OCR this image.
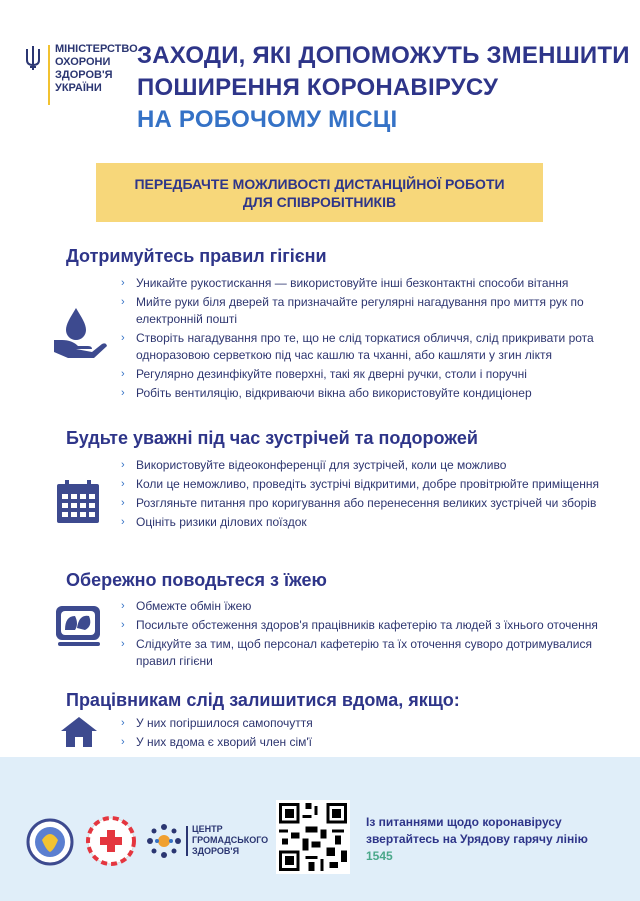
МІНІСТЕРСТВО
ОХОРОНИ
ЗДОРОВ'Я
УКРАЇНИ
ЗАХОДИ, ЯКІ ДОПОМОЖУТЬ ЗМЕНШИТИ
ПОШИРЕННЯ КОРОНАВІРУСУ
НА РОБОЧОМУ МІСЦІ
ПЕРЕДБАЧТЕ МОЖЛИВОСТІ ДИСТАНЦІЙНОЇ РОБОТИ
ДЛЯ СПІВРОБІТНИКІВ
Дотримуйтесь правил гігієни
› Уникайте рукостискання — використовуйте інші безконтактні способи вітання
› Мийте руки біля дверей та призначайте регулярні нагадування про миття рук по електронній пошті
› Створіть нагадування про те, що не слід торкатися обличчя, слід прикривати рота одноразовою серветкою під час кашлю та чханні, або кашляти у згин ліктя
› Регулярно дезинфікуйте поверхні, такі як дверні ручки, столи і поручні
› Робіть вентиляцію, відкриваючи вікна або використовуйте кондиціонер
Будьте уважні під час зустрічей та подорожей
› Використовуйте відеоконференції для зустрічей, коли це можливо
› Коли це неможливо, проведіть зустрічі відкритими, добре провітрюйте приміщення
› Розгляньте питання про коригування або перенесення великих зустрічей чи зборів
› Оцініть ризики ділових поїздок
Обережно поводьтеся з їжею
› Обмежте обмін їжею
› Посильте обстеження здоров'я працівників кафетерію та людей з їхнього оточення
› Слідкуйте за тим, щоб персонал кафетерію та їх оточення суворо дотримувалися правил гігієни
Працівникам слід залишитися вдома, якщо:
› У них погіршилося самопочуття
› У них вдома є хворий член сім'ї
ЦЕНТР
ГРОМАДСЬКОГО
ЗДОРОВ'Я
Із питаннями щодо коронавірусу звертайтесь на Урядову гарячу лінію 1545
